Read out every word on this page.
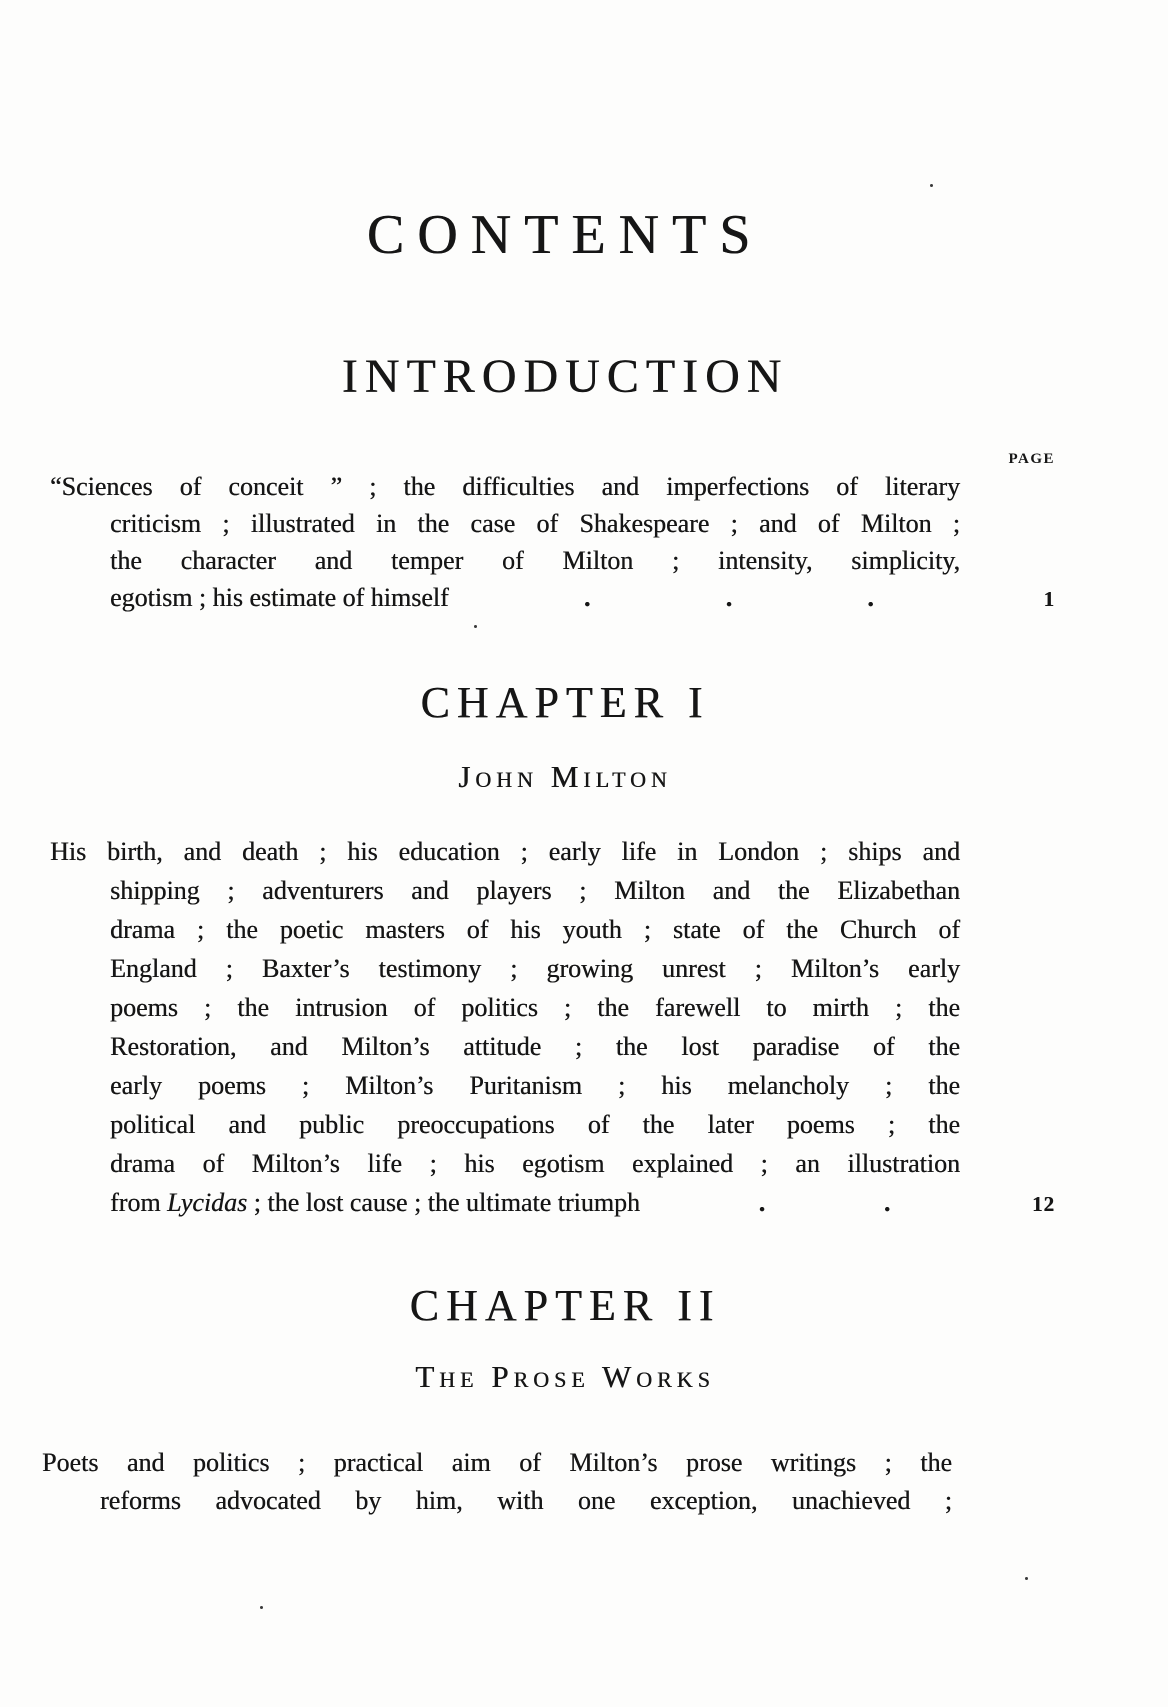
CONTENTS
INTRODUCTION
PAGE
“Sciences of conceit ” ; the difficulties and imperfections of literary
criticism ; illustrated in the case of Shakespeare ; and of Milton ;
the character and temper of Milton ; intensity, simplicity,
egotism ; his estimate of himself	.	.	.	1
CHAPTER I
John Milton
His birth, and death ; his education ; early life in London ; ships and
shipping ; adventurers and players ; Milton and the Elizabethan
drama ; the poetic masters of his youth ; state of the Church of
England ; Baxter’s testimony ; growing unrest ; Milton’s early
poems ; the intrusion of politics ; the farewell to mirth ; the
Restoration, and Milton’s attitude ; the lost paradise of the
early poems ; Milton’s Puritanism ; his melancholy ; the
political and public preoccupations of the later poems ; the
drama of Milton’s life ; his egotism explained ; an illustration
from Lycidas ; the lost cause ; the ultimate triumph	.	.	12
CHAPTER II
The Prose Works
Poets and politics ; practical aim of Milton’s prose writings ; the
reforms advocated by him, with one exception, unachieved ;
